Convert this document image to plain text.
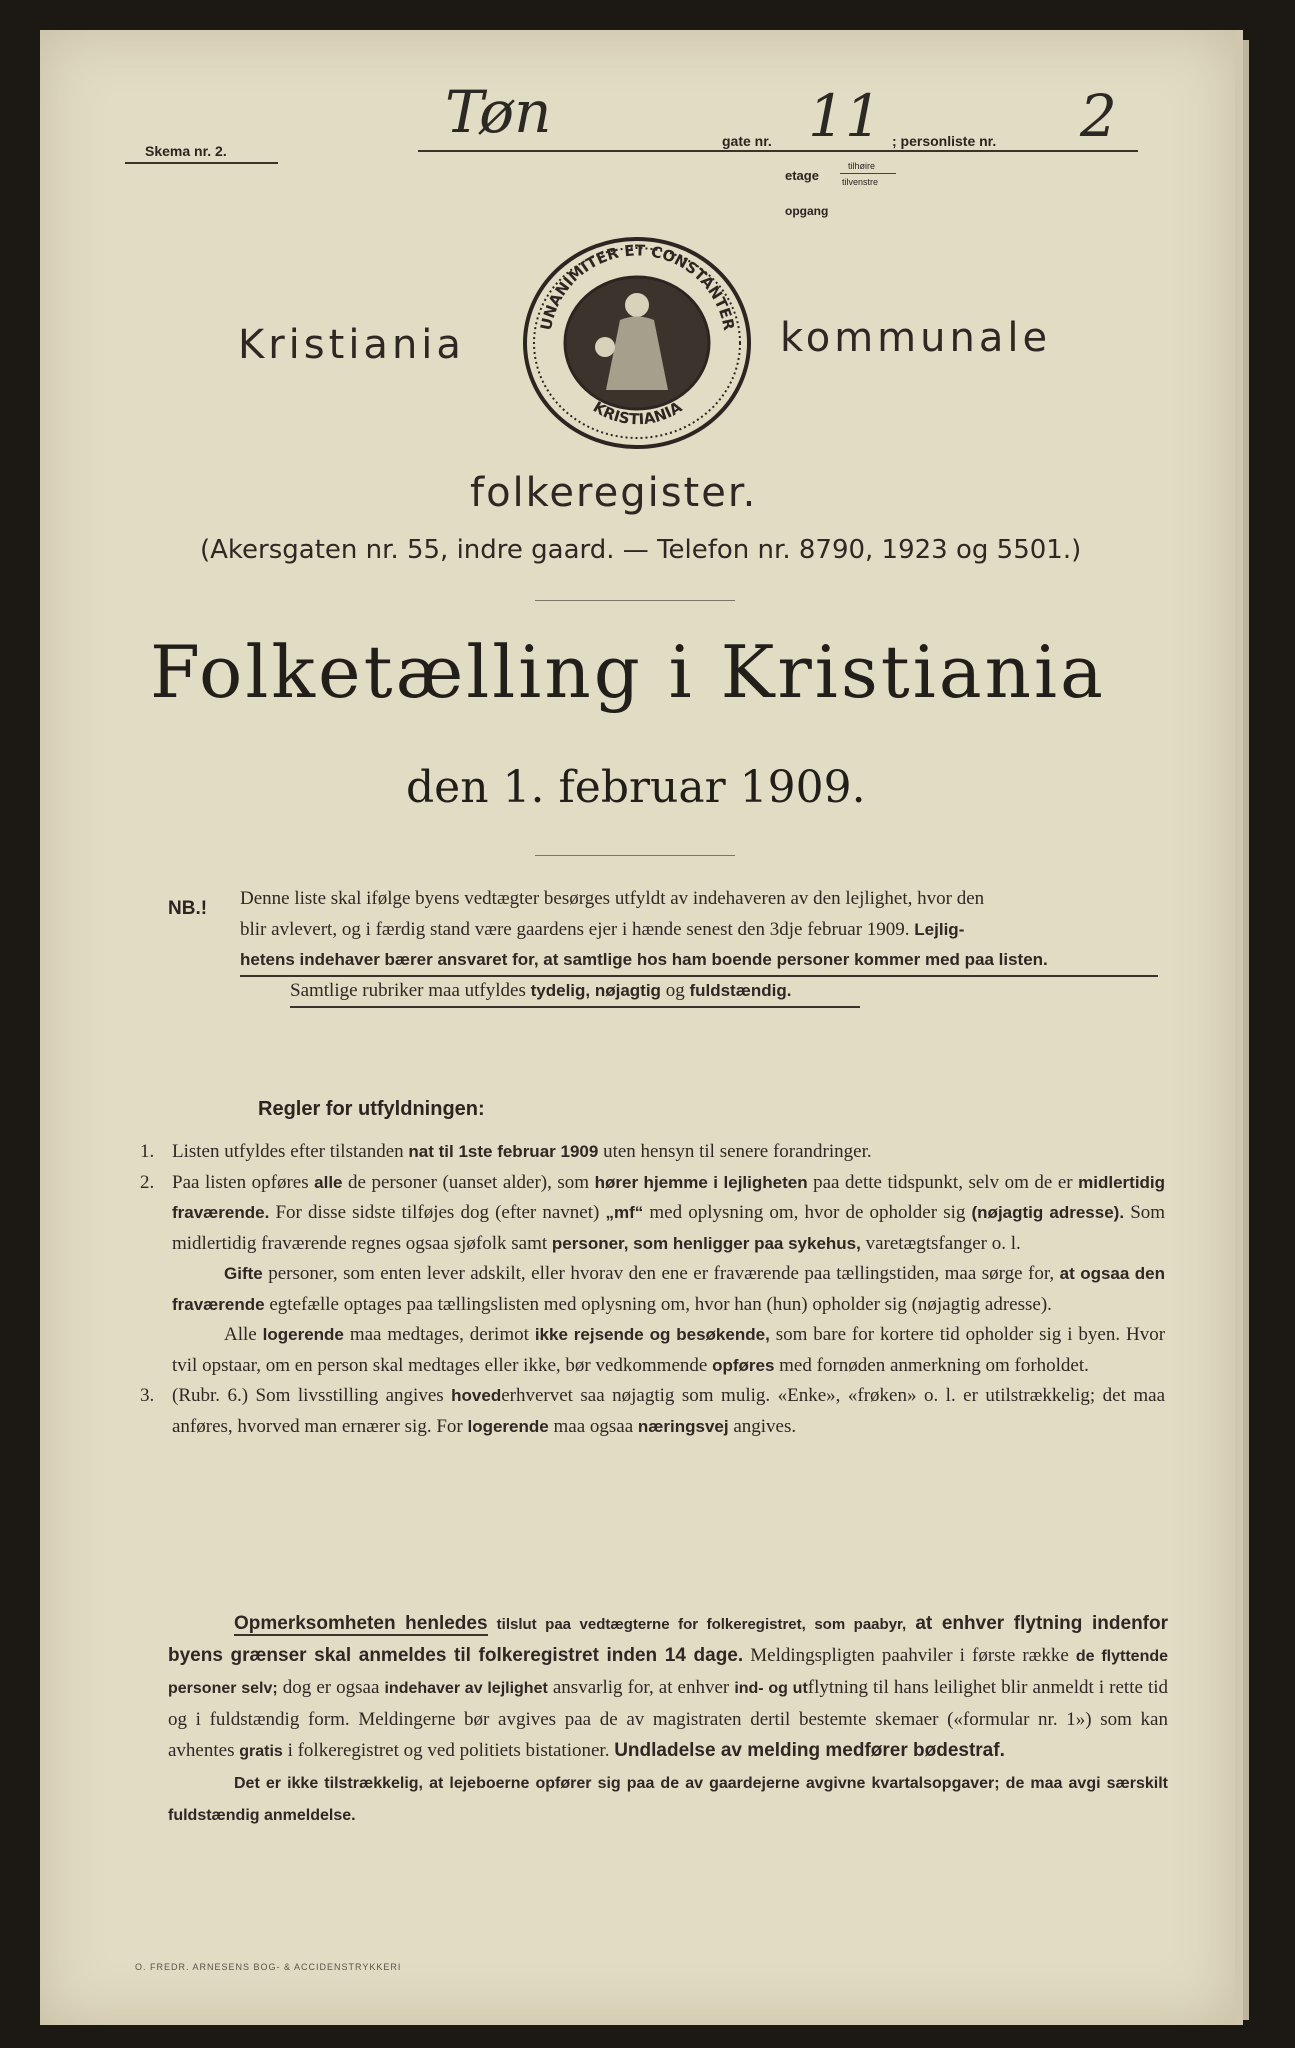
Skema nr. 2.
Tøn	gate nr. 11 ; personliste nr. 2
etage
tilhøire
tilvenstre
opgang
UNANIMITER ET CONSTANTER
KRISTIANIA
Kristiania	kommunale
folkeregister.
(Akersgaten nr. 55, indre gaard. — Telefon nr. 8790, 1923 og 5501.)
Folketælling i Kristiania
den 1. februar 1909.
NB.! Denne liste skal ifølge byens vedtægter besørges utfyldt av indehaveren av den lejlighet, hvor den
blir avlevert, og i færdig stand være gaardens ejer i hænde senest den 3dje februar 1909. Lejlig-
hetens indehaver bærer ansvaret for, at samtlige hos ham boende personer kommer med paa listen.
Samtlige rubriker maa utfyldes tydelig, nøjagtig og fuldstændig.
Regler for utfyldningen:
1. Listen utfyldes efter tilstanden nat til 1ste februar 1909 uten hensyn til senere forandringer.
2. Paa listen opføres alle de personer (uanset alder), som hører hjemme i lejligheten paa dette tidspunkt, selv om de er midlertidig fraværende. For disse sidste tilføjes dog (efter navnet) „mf“ med oplysning om, hvor de opholder sig (nøjagtig adresse). Som midlertidig fraværende regnes ogsaa sjøfolk samt personer, som henligger paa sykehus, varetægtsfanger o. l.
Gifte personer, som enten lever adskilt, eller hvorav den ene er fraværende paa tællingstiden, maa sørge for, at ogsaa den fraværende egtefælle optages paa tællingslisten med oplysning om, hvor han (hun) opholder sig (nøjagtig adresse).
Alle logerende maa medtages, derimot ikke rejsende og besøkende, som bare for kortere tid opholder sig i byen. Hvor tvil opstaar, om en person skal medtages eller ikke, bør vedkommende opføres med fornøden anmerkning om forholdet.
3. (Rubr. 6.) Som livsstilling angives hovederhvervet saa nøjagtig som mulig. «Enke», «frøken» o. l. er utilstrækkelig; det maa anføres, hvorved man ernærer sig. For logerende maa ogsaa næringsvej angives.
Opmerksomheten henledes tilslut paa vedtægterne for folkeregistret, som paabyr, at enhver flytning indenfor byens grænser skal anmeldes til folkeregistret inden 14 dage. Meldingspligten paahviler i første række de flyttende personer selv; dog er ogsaa indehaver av lejlighet ansvarlig for, at enhver ind- og utflytning til hans leilighet blir anmeldt i rette tid og i fuldstændig form. Meldingerne bør avgives paa de av magistraten dertil bestemte skemaer («formular nr. 1») som kan avhentes gratis i folkeregistret og ved politiets bistationer. Undladelse av melding medfører bødestraf.
Det er ikke tilstrækkelig, at lejeboerne opfører sig paa de av gaardejerne avgivne kvartalsopgaver; de maa avgi særskilt fuldstændig anmeldelse.
O. FREDR. ARNESENS BOG- & ACCIDENSTRYKKERI
